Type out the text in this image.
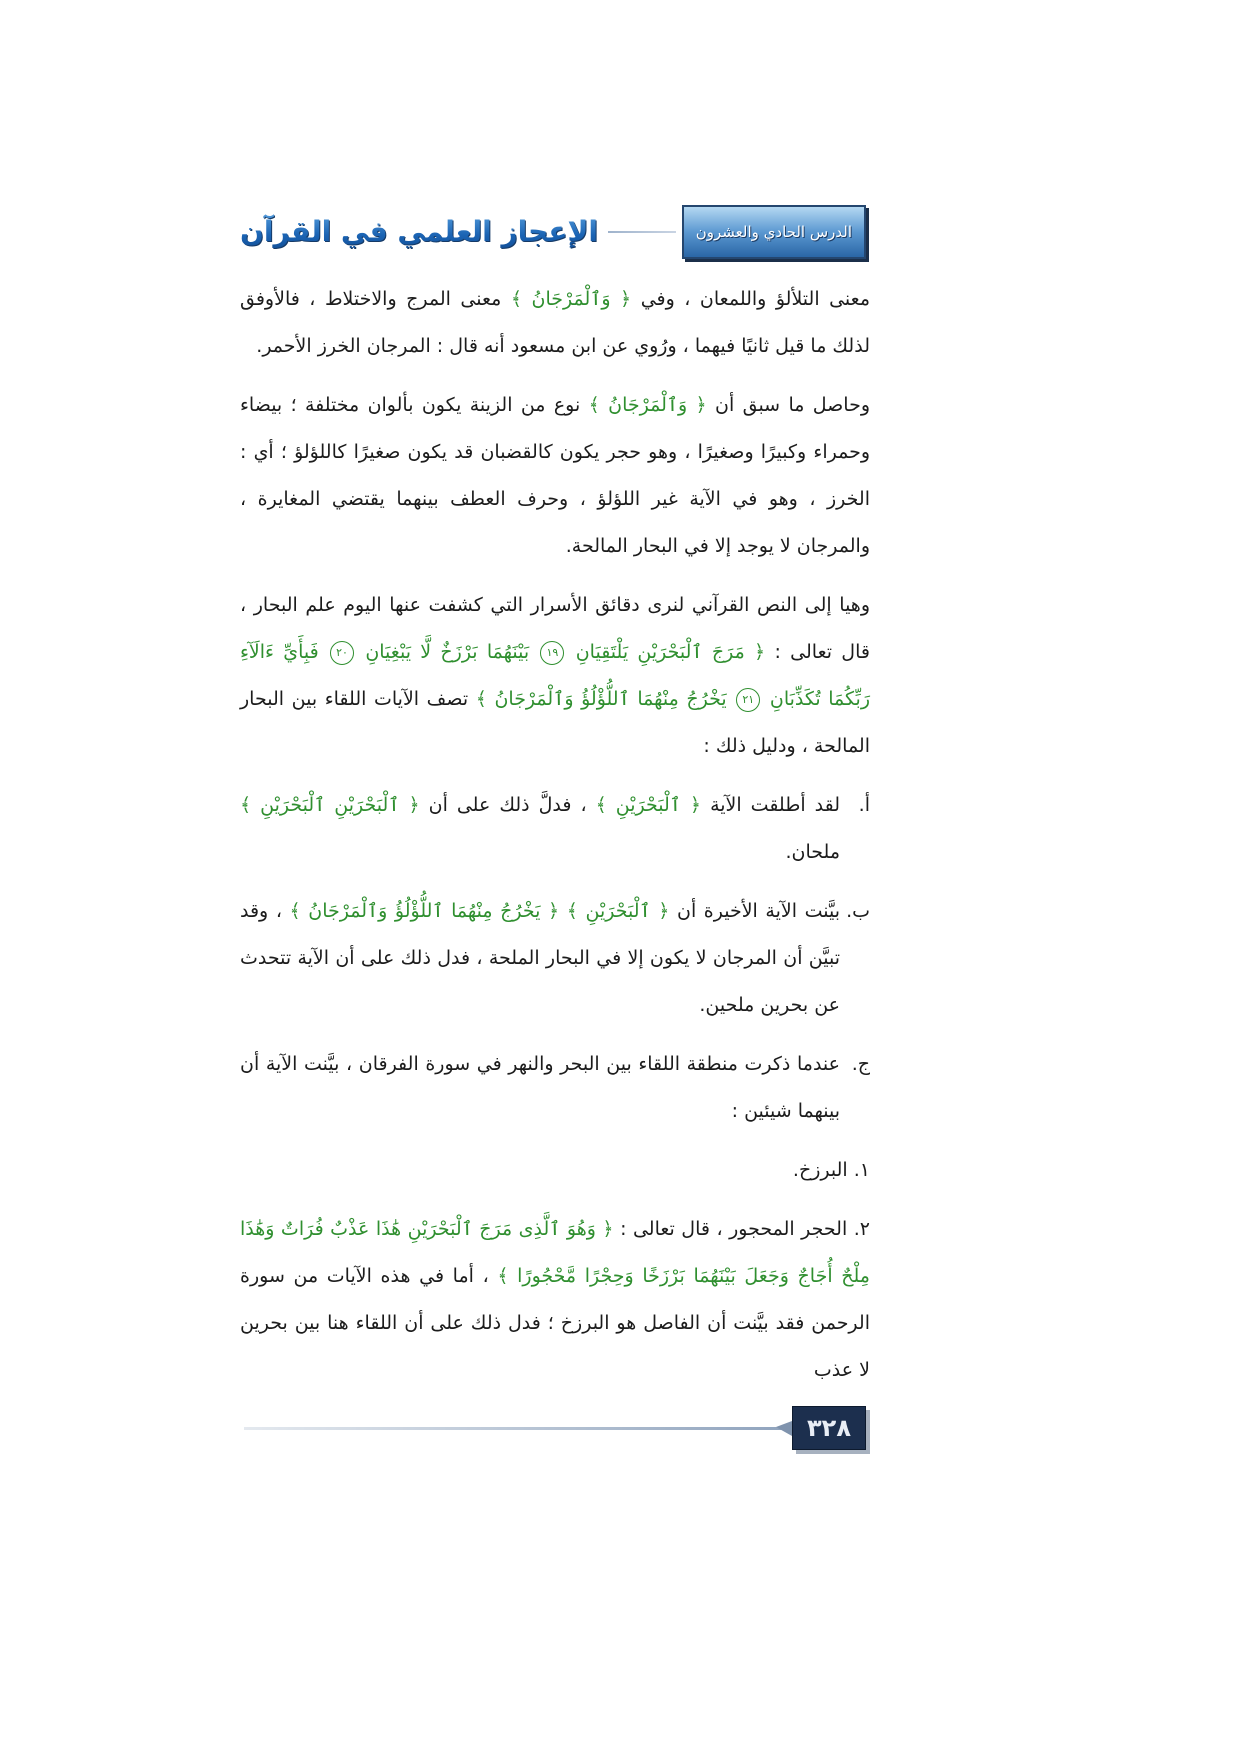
الإعجاز العلمي في القرآن	الدرس الحادي والعشرون

معنى التلألؤ واللمعان ، وفي ﴿ وَٱلْمَرْجَانُ ﴾ معنى المرج والاختلاط ، فالأوفق لذلك ما قيل ثانيًا فيهما ، ورُوي عن ابن مسعود أنه قال : المرجان الخرز الأحمر.

وحاصل ما سبق أن ﴿ وَٱلْمَرْجَانُ ﴾ نوع من الزينة يكون بألوان مختلفة ؛ بيضاء وحمراء وكبيرًا وصغيرًا ، وهو حجر يكون كالقضبان قد يكون صغيرًا كاللؤلؤ ؛ أي : الخرز ، وهو في الآية غير اللؤلؤ ، وحرف العطف بينهما يقتضي المغايرة ، والمرجان لا يوجد إلا في البحار المالحة.

وهيا إلى النص القرآني لنرى دقائق الأسرار التي كشفت عنها اليوم علم البحار ، قال تعالى : ﴿ مَرَجَ ٱلْبَحْرَيْنِ يَلْتَقِيَانِ ١٩ بَيْنَهُمَا بَرْزَخٌ لَّا يَبْغِيَانِ ٢٠ فَبِأَيِّ ءَالَآءِ رَبِّكُمَا تُكَذِّبَانِ ٢١ يَخْرُجُ مِنْهُمَا ٱللُّؤْلُؤُ وَٱلْمَرْجَانُ ﴾ تصف الآيات اللقاء بين البحار المالحة ، ودليل ذلك :

أ.
لقد أطلقت الآية ﴿ ٱلْبَحْرَيْنِ ﴾ ، فدلَّ ذلك على أن ﴿ ٱلْبَحْرَيْنِ ٱلْبَحْرَيْنِ ﴾ ملحان.
ب.
بيَّنت الآية الأخيرة أن ﴿ ٱلْبَحْرَيْنِ ﴾ ﴿ يَخْرُجُ مِنْهُمَا ٱللُّؤْلُؤُ وَٱلْمَرْجَانُ ﴾ ، وقد تبيَّن أن المرجان لا يكون إلا في البحار الملحة ، فدل ذلك على أن الآية تتحدث عن بحرين ملحين.
ج.
عندما ذكرت منطقة اللقاء بين البحر والنهر في سورة الفرقان ، بيَّنت الآية أن بينهما شيئين :

١. البرزخ.

٢. الحجر المحجور ، قال تعالى : ﴿ وَهُوَ ٱلَّذِى مَرَجَ ٱلْبَحْرَيْنِ هَٰذَا عَذْبٌ فُرَاتٌ وَهَٰذَا مِلْحٌ أُجَاجٌ وَجَعَلَ بَيْنَهُمَا بَرْزَخًا وَحِجْرًا مَّحْجُورًا ﴾ ، أما في هذه الآيات من سورة الرحمن فقد بيَّنت أن الفاصل هو البرزخ ؛ فدل ذلك على أن اللقاء هنا بين بحرين لا عذب

٣٢٨
